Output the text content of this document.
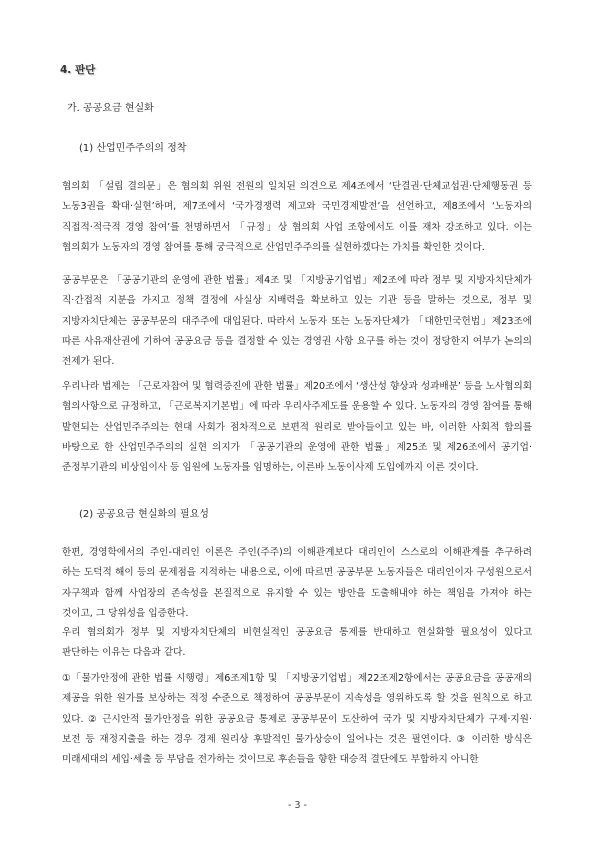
4. 판단
가. 공공요금 현실화
(1) 산업민주주의의 정착

협의회 「설립 결의문」은 협의회 위원 전원의 일치된 의견으로 제4조에서 ‘단결권·단체교섭권·단체행동권 등 노동3권을 확대·실현’하며, 제7조에서 ‘국가경쟁력 제고와 국민경제발전’을 선언하고, 제8조에서 ‘노동자의 직접적·적극적 경영 참여’를 천명하면서 「규정」상 협의회 사업 조항에서도 이를 재차 강조하고 있다. 이는 협의회가 노동자의 경영 참여를 통해 궁극적으로 산업민주주의를 실현하겠다는 가치를 확인한 것이다.

공공부문은 「공공기관의 운영에 관한 법률」제4조 및 「지방공기업법」제2조에 따라 정부 및 지방자치단체가 직·간접적 지분을 가지고 정책 결정에 사실상 지배력을 확보하고 있는 기관 등을 말하는 것으로, 정부 및 지방자치단체는 공공부문의 대주주에 대입된다. 따라서 노동자 또는 노동자단체가 「대한민국헌법」제23조에 따른 사유재산권에 기하여 공공요금 등을 결정할 수 있는 경영권 사항 요구를 하는 것이 정당한지 여부가 논의의 전제가 된다.

우리나라 법제는 「근로자참여 및 협력증진에 관한 법률」제20조에서 ‘생산성 향상과 성과배분’ 등을 노사협의회 협의사항으로 규정하고, 「근로복지기본법」에 따라 우리사주제도를 운용할 수 있다. 노동자의 경영 참여를 통해 발현되는 산업민주주의는 현대 사회가 점차적으로 보편적 원리로 받아들이고 있는 바, 이러한 사회적 합의를 바탕으로 한 산업민주주의의 실현 의지가 「공공기관의 운영에 관한 법률」제25조 및 제26조에서 공기업·준정부기관의 비상임이사 등 임원에 노동자를 임명하는, 이른바 노동이사제 도입에까지 이른 것이다.

(2) 공공요금 현실화의 필요성

한편, 경영학에서의 주인-대리인 이론은 주인(주주)의 이해관계보다 대리인이 스스로의 이해관계를 추구하려 하는 도덕적 해이 등의 문제점을 지적하는 내용으로, 이에 따르면 공공부문 노동자들은 대리인이자 구성원으로서 자구책과 함께 사업장의 존속성을 본질적으로 유지할 수 있는 방안을 도출해내야 하는 책임을 가져야 하는 것이고, 그 당위성을 입증한다.

우리 협의회가 정부 및 지방자치단체의 비현실적인 공공요금 통제를 반대하고 현실화할 필요성이 있다고 판단하는 이유는 다음과 같다.

①「물가안정에 관한 법률 시행령」제6조제1항 및 「지방공기업법」제22조제2항에서는 공공요금을 공공재의 제공을 위한 원가를 보상하는 적정 수준으로 책정하여 공공부문이 지속성을 영위하도록 할 것을 원칙으로 하고 있다. ② 근시안적 물가안정을 위한 공공요금 통제로 공공부문이 도산하여 국가 및 지방자치단체가 구제·지원·보전 등 재정지출을 하는 경우 경제 원리상 후발적인 물가상승이 일어나는 것은 필연이다. ③ 이러한 방식은 미래세대의 세입·세출 등 부담을 전가하는 것이므로 후손들을 향한 대승적 결단에도 부합하지 아니한

- 3 -
